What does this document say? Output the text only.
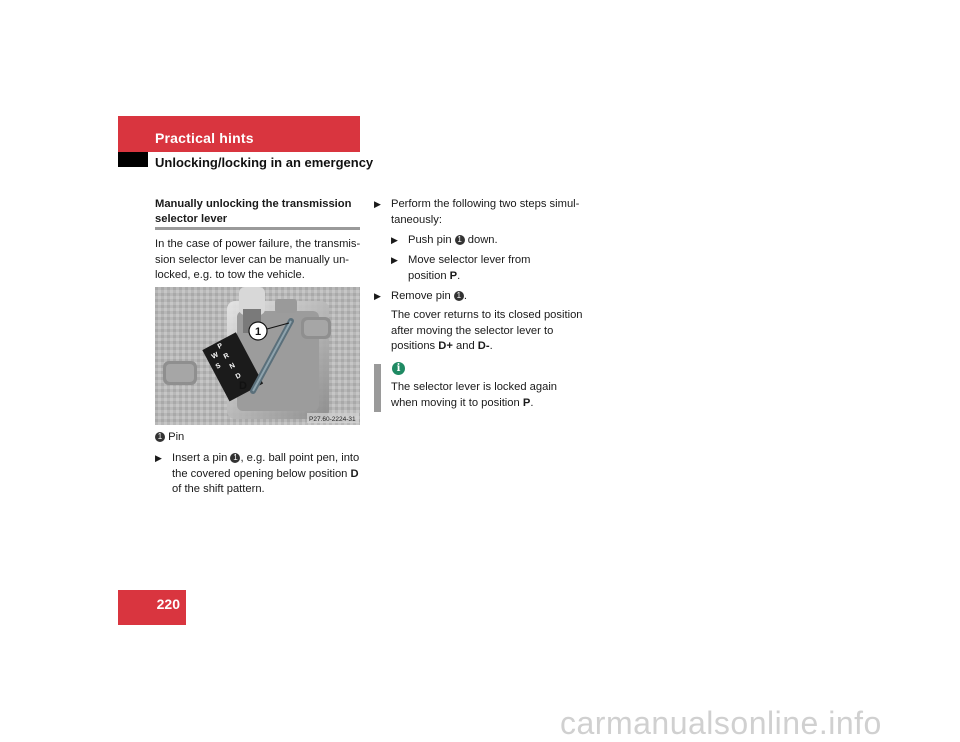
Practical hints
Unlocking/locking in an emergency
Manually unlocking the transmission selector lever
In the case of power failure, the transmis-sion selector lever can be manually un-locked, e.g. to tow the vehicle.
P
R
N
D
W
S
D
1
P27.60-2224-31
1 Pin
▶ Insert a pin 1 , e.g. ball point pen, into the covered opening below position D
of the shift pattern.
▶ Perform the following two steps simul-taneously:
▶ Push pin 1 down.
▶ Move selector lever from
position P.
▶ Remove pin 1 .
The cover returns to its closed position after moving the selector lever to positions D+ and D-.
i
The selector lever is locked again when moving it to position P.
220
carmanualsonline.info
